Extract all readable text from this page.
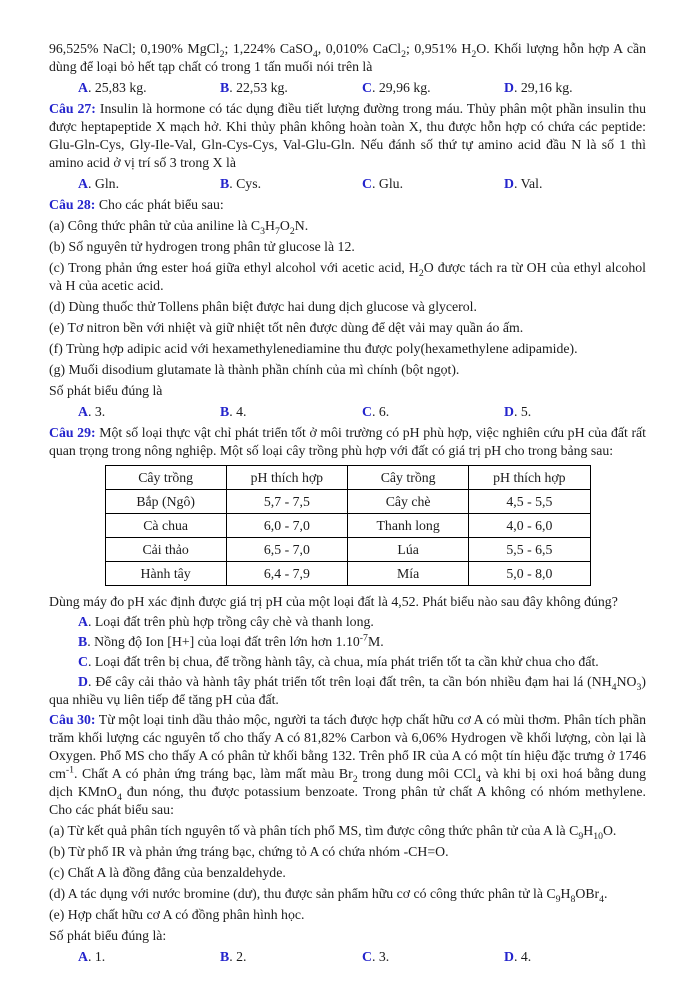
96,525% NaCl; 0,190% MgCl$_2$; 1,224% CaSO$_4$, 0,010% CaCl$_2$; 0,951% $H_2O$. Khối lượng hỗn hợp A cần dùng để loại bỏ hết tạp chất có trong 1 tấn muối nói trên là

A. 25,83 kg.	B. 22,53 kg.	C. 29,96 kg.	D. 29,16 kg.

Câu 27: Insulin là hormone có tác dụng điều tiết lượng đường trong máu. Thủy phân một phần insulin thu được heptapeptide X mạch hở. Khi thủy phân không hoàn toàn X, thu được hỗn hợp có chứa các peptide: Glu-Gln-Cys, Gly-Ile-Val, Gln-Cys-Cys, Val-Glu-Gln. Nếu đánh số thứ tự amino acid đầu N là số 1 thì amino acid ở vị trí số 3 trong X là

A. Gln.	B. Cys.	C. Glu.	D. Val.

Câu 28: Cho các phát biểu sau:

(a) Công thức phân tử của aniline là $C_3H_7O_2N$.

(b) Số nguyên tử hydrogen trong phân tử glucose là 12.

(c) Trong phản ứng ester hoá giữa ethyl alcohol với acetic acid, $H_2O$ được tách ra từ OH của ethyl alcohol và H của acetic acid.

(d) Dùng thuốc thử Tollens phân biệt được hai dung dịch glucose và glycerol.

(e) Tơ nitron bền với nhiệt và giữ nhiệt tốt nên được dùng để dệt vải may quần áo ấm.

(f) Trùng hợp adipic acid với hexamethylenediamine thu được poly(hexamethylene adipamide).

(g) Muối disodium glutamate là thành phần chính của mì chính (bột ngọt).

Số phát biểu đúng là

A. 3.	B. 4.	C. 6.	D. 5.

Câu 29: Một số loại thực vật chỉ phát triển tốt ở môi trường có pH phù hợp, việc nghiên cứu pH của đất rất quan trọng trong nông nghiệp. Một số loại cây trồng phù hợp với đất có giá trị pH cho trong bảng sau:

Cây trồng	pH thích hợp	Cây trồng	pH thích hợp
Bắp (Ngô)	5,7 - 7,5	Cây chè	4,5 - 5,5
Cà chua	6,0 - 7,0	Thanh long	4,0 - 6,0
Cải thảo	6,5 - 7,0	Lúa	5,5 - 6,5
Hành tây	6,4 - 7,9	Mía	5,0 - 8,0

Dùng máy đo pH xác định được giá trị pH của một loại đất là 4,52. Phát biểu nào sau đây không đúng?

A. Loại đất trên phù hợp trồng cây chè và thanh long.

B. Nồng độ Ion [H+] của loại đất trên lớn hơn $1.10^{-7}M$.

C. Loại đất trên bị chua, để trồng hành tây, cà chua, mía phát triển tốt ta cần khử chua cho đất.

D. Để cây cải thảo và hành tây phát triển tốt trên loại đất trên, ta cần bón nhiều đạm hai lá $(NH_4NO_3)$ qua nhiều vụ liên tiếp để tăng pH của đất.

Câu 30: Từ một loại tinh dầu thảo mộc, người ta tách được hợp chất hữu cơ A có mùi thơm. Phân tích phần trăm khối lượng các nguyên tố cho thấy A có 81,82% Carbon và 6,06% Hydrogen về khối lượng, còn lại là Oxygen. Phổ MS cho thấy A có phân tử khối bằng 132. Trên phổ IR của A có một tín hiệu đặc trưng ở 1746 $cm^{-1}$. Chất A có phản ứng tráng bạc, làm mất màu $Br_2$ trong dung môi CCl$_4$ và khi bị oxi hoá bằng dung dịch KMnO$_4$ đun nóng, thu được potassium benzoate. Trong phân tử chất A không có nhóm methylene. Cho các phát biểu sau:

(a) Từ kết quả phân tích nguyên tố và phân tích phổ MS, tìm được công thức phân tử của A là $C_9H_{10}O$.

(b) Từ phổ IR và phản ứng tráng bạc, chứng tỏ A có chứa nhóm -CH=O.

(c) Chất A là đồng đẳng của benzaldehyde.

(d) A tác dụng với nước bromine (dư), thu được sản phẩm hữu cơ có công thức phân tử là $C_9H_8OBr_4$.

(e) Hợp chất hữu cơ A có đồng phân hình học.

Số phát biểu đúng là:

A. 1.	B. 2.	C. 3.	D. 4.
